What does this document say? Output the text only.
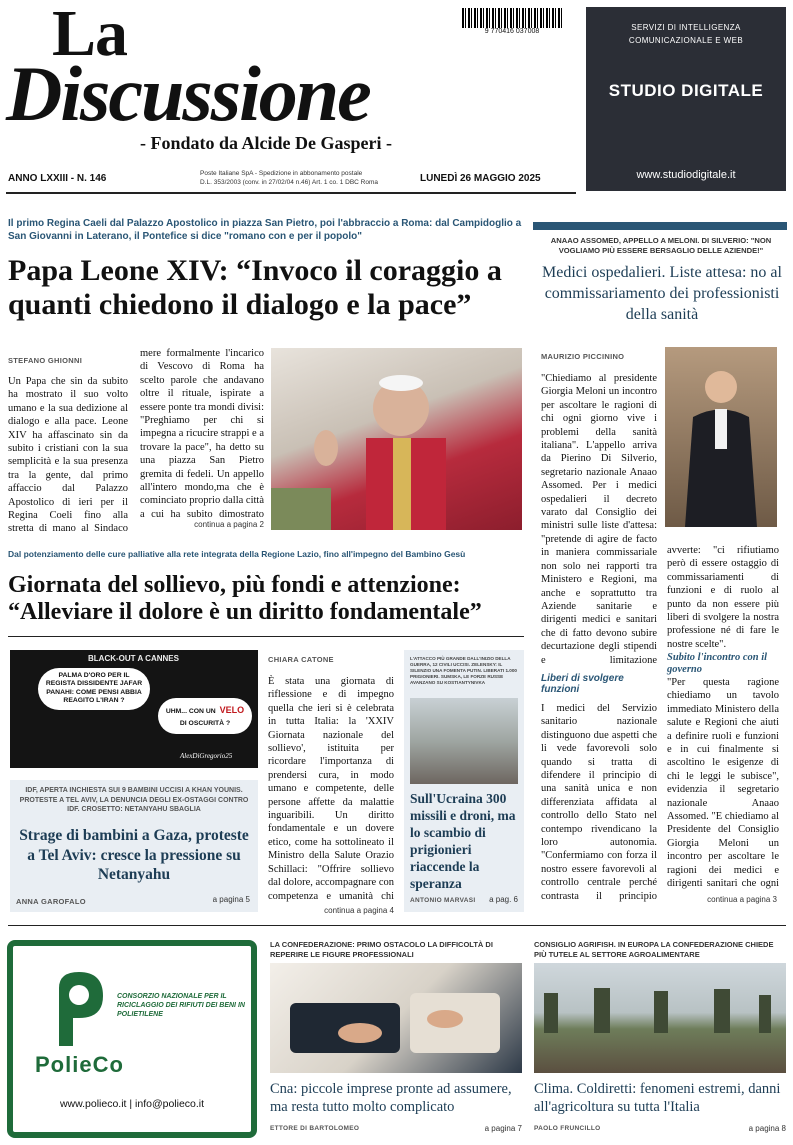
La
Discussione
- Fondato da Alcide De Gasperi -
9 770416 037008
ANNO LXXIII - N. 146	Poste Italiane SpA - Spedizione in abbonamento postale
D.L. 353/2003 (conv. in 27/02/04 n.46) Art. 1 co. 1 DBC Roma	LUNEDÌ 26 MAGGIO 2025
SERVIZI DI INTELLIGENZA COMUNICAZIONALE E WEB
STUDIO DIGITALE
www.studiodigitale.it
Il primo Regina Caeli dal Palazzo Apostolico in piazza San Pietro, poi l'abbraccio a Roma: dal Campidoglio a San Giovanni in Laterano, il Pontefice si dice "romano con e per il popolo"
Papa Leone XIV: “Invoco il coraggio a quanti chiedono il dialogo e la pace”
STEFANO GHIONNI
Un Papa che sin da subito ha mostrato il suo volto umano e la sua dedizione al dialogo e alla pace. Leone XIV ha affascinato sin da subito i cristiani con la sua semplicità e la sua presenza tra la gente, dal primo affaccio dal Palazzo Apostolico di ieri per il Regina Coeli fino alla stretta di mano al Sindaco
mere formalmente l'incarico di Vescovo di Roma ha scelto parole che andavano oltre il rituale, ispirate a essere ponte tra mondi divisi: "Preghiamo per chi si impegna a ricucire strappi e a trovare la pace", ha detto su una piazza San Pietro gremita di fedeli. Un appello all'intero mondo,ma che è cominciato proprio dalla città a cui ha subito dimostrato
continua a pagina 2
ANAAO ASSOMED, APPELLO A MELONI. DI SILVERIO: "NON VOGLIAMO PIÙ ESSERE BERSAGLIO DELLE AZIENDE!"
Medici ospedalieri. Liste attesa: no al commissariamento dei professionisti della sanità
MAURIZIO PICCININO
"Chiediamo al presidente Giorgia Meloni un incontro per ascoltare le ragioni di chi ogni giorno vive i problemi della sanità italiana". L'appello arriva da Pierino Di Silverio, segretario nazionale Anaao Assomed. Per i medici ospedalieri il decreto varato dal Consiglio dei ministri sulle liste d'attesa: "pretende di agire de facto in maniera commissariale non solo nei rapporti tra Ministero e Regioni, ma anche e soprattutto tra Aziende sanitarie e dirigenti medici e sanitari che di fatto devono subire decurtazione degli stipendi e limitazione
Liberi di svolgere funzioni
I medici del Servizio sanitario nazionale distinguono due aspetti che li vede favorevoli solo quando si tratta di difendere il principio di una sanità unica e non differenziata affidata al controllo dello Stato nel contempo rivendicano la loro autonomia. "Confermiamo con forza il nostro essere favorevoli al controllo centrale perché contrasta il principio
avverte: "ci rifiutiamo però di essere ostaggio di commissariamenti di funzioni e di ruolo al punto da non essere più liberi di svolgere la nostra professione né di fare le nostre scelte".
Subito l'incontro con il governo
"Per questa ragione chiediamo un tavolo immediato Ministero della salute e Regioni che aiuti a definire ruoli e funzioni e in cui finalmente si ascoltino le esigenze di chi le leggi le subisce", evidenzia il segretario nazionale Anaao Assomed. "E chiediamo al Presidente del Consiglio Giorgia Meloni un incontro per ascoltare le ragioni dei medici e dirigenti sanitari che ogni
continua a pagina 3
Dal potenziamento delle cure palliative alla rete integrata della Regione Lazio, fino all'impegno del Bambino Gesù
Giornata del sollievo, più fondi e attenzione: “Alleviare il dolore è un diritto fondamentale”
BLACK-OUT A CANNES
PALMA D'ORO PER IL REGISTA DISSIDENTE JAFAR PANAHI: COME PENSI ABBIA REAGITO L'IRAN ?
UHM... CON UN VELO
DI OSCURITÀ ?
AlexDiGregorio25
IDF, APERTA INCHIESTA SUI 9 BAMBINI UCCISI A KHAN YOUNIS. PROTESTE A TEL AVIV, LA DENUNCIA DEGLI EX-OSTAGGI CONTRO IDF. CROSETTO: NETANYAHU SBAGLIA
Strage di bambini a Gaza, proteste a Tel Aviv: cresce la pressione su Netanyahu
ANNA GAROFALO	a pagina 5
CHIARA CATONE
È stata una giornata di riflessione e di impegno quella che ieri si è celebrata in tutta Italia: la 'XXIV Giornata nazionale del sollievo', istituita per ricordare l'importanza di prendersi cura, in modo umano e competente, delle persone affette da malattie inguaribili. Un diritto fondamentale e un dovere etico, come ha sottolineato il Ministro della Salute Orazio Schillaci: "Offrire sollievo dal dolore, accompagnare con competenza e umanità chi
continua a pagina 4
L'ATTACCO PIÙ GRANDE DALL'INIZIO DELLA GUERRA, 12 CIVILI UCCISI. ZELENSKY: IL SILENZIO UNA FOMENTA PUTIN. LIBERATI 1.000 PRIGIONIERI. SUMSKA, LE FORZE RUSSE AVANZANO SU KOSTIANTYNIVKA
Sull'Ucraina 300 missili e droni, ma lo scambio di prigionieri riaccende la speranza
ANTONIO MARVASI a pag. 6
CONSORZIO NAZIONALE PER IL RICICLAGGIO DEI RIFIUTI DEI BENI IN POLIETILENE
PolieCo
www.polieco.it | info@polieco.it
LA CONFEDERAZIONE: PRIMO OSTACOLO LA DIFFICOLTÀ DI REPERIRE LE FIGURE PROFESSIONALI
Cna: piccole imprese pronte ad assumere, ma resta tutto molto complicato
ETTORE DI BARTOLOMEO	a pagina 7
CONSIGLIO AGRIFISH. IN EUROPA LA CONFEDERAZIONE CHIEDE PIÙ TUTELE AL SETTORE AGROALIMENTARE
Clima. Coldiretti: fenomeni estremi, danni all'agricoltura su tutta l'Italia
PAOLO FRUNCILLO	a pagina 8
